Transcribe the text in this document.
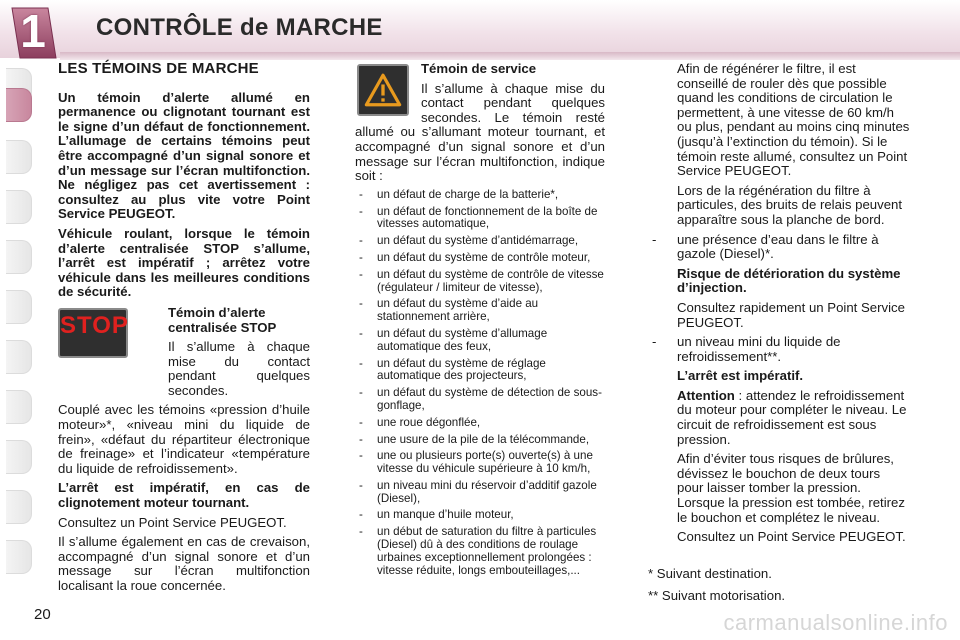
1	CONTRÔLE de MARCHE
LES TÉMOINS DE MARCHE

Un témoin d’alerte allumé en permanence ou clignotant tournant est le signe d’un défaut de fonctionnement. L’allumage de certains témoins peut être accompagné d’un signal sonore et d’un message sur l’écran multifonction. Ne négligez pas cet avertissement : consultez au plus vite votre Point Service PEUGEOT.

Véhicule roulant, lorsque le témoin d’alerte centralisée STOP s’allume, l’arrêt est impératif ; arrêtez votre véhicule dans les meilleures conditions de sécurité.

STOP	Témoin d’alerte centralisée STOP

Il s’allume à chaque mise du contact pendant quelques secondes.

Couplé avec les témoins «pression d’huile moteur»*, «niveau mini du liquide de frein», «défaut du répartiteur électronique de freinage» et l’indicateur «température du liquide de refroidissement».

L’arrêt est impératif, en cas de clignotement moteur tournant.

Consultez un Point Service PEUGEOT.

Il s’allume également en cas de crevaison, accompagné d’un signal sonore et d’un message sur l’écran multifonction localisant la roue concernée.

Témoin de service

Il s’allume à chaque mise du contact pendant quelques secondes. Le témoin resté allumé ou s’allumant moteur tournant, et accompagné d’un signal sonore et d’un message sur l’écran multifonction, indique soit :

- un défaut de charge de la batterie*,
- un défaut de fonctionnement de la boîte de vitesses automatique,
- un défaut du système d’antidémarrage,
- un défaut du système de contrôle moteur,
- un défaut du système de contrôle de vitesse (régulateur / limiteur de vitesse),
- un défaut du système d’aide au stationnement arrière,
- un défaut du système d’allumage automatique des feux,
- un défaut du système de réglage automatique des projecteurs,
- un défaut du système de détection de sous-gonflage,
- une roue dégonflée,
- une usure de la pile de la télécommande,
- une ou plusieurs porte(s) ouverte(s) à une vitesse du véhicule supérieure à 10 km/h,
- un niveau mini du réservoir d’additif gazole (Diesel),
- un manque d’huile moteur,
- un début de saturation du filtre à particules (Diesel) dû à des conditions de roulage urbaines exceptionnellement prolongées : vitesse réduite, longs embouteillages,...

Afin de régénérer le filtre, il est conseillé de rouler dès que possible quand les conditions de circulation le permettent, à une vitesse de 60 km/h ou plus, pendant au moins cinq minutes (jusqu’à l’extinction du témoin). Si le témoin reste allumé, consultez un Point Service PEUGEOT.

Lors de la régénération du filtre à particules, des bruits de relais peuvent apparaître sous la planche de bord.

- une présence d’eau dans le filtre à gazole (Diesel)*.

Risque de détérioration du système d’injection.

Consultez rapidement un Point Service PEUGEOT.

- un niveau mini du liquide de refroidissement**.

L’arrêt est impératif.

Attention : attendez le refroidissement du moteur pour compléter le niveau. Le circuit de refroidissement est sous pression.

Afin d’éviter tous risques de brûlures, dévissez le bouchon de deux tours pour laisser tomber la pression. Lorsque la pression est tombée, retirez le bouchon et complétez le niveau.

Consultez un Point Service PEUGEOT.

* Suivant destination.

** Suivant motorisation.

20	carmanualsonline.info
